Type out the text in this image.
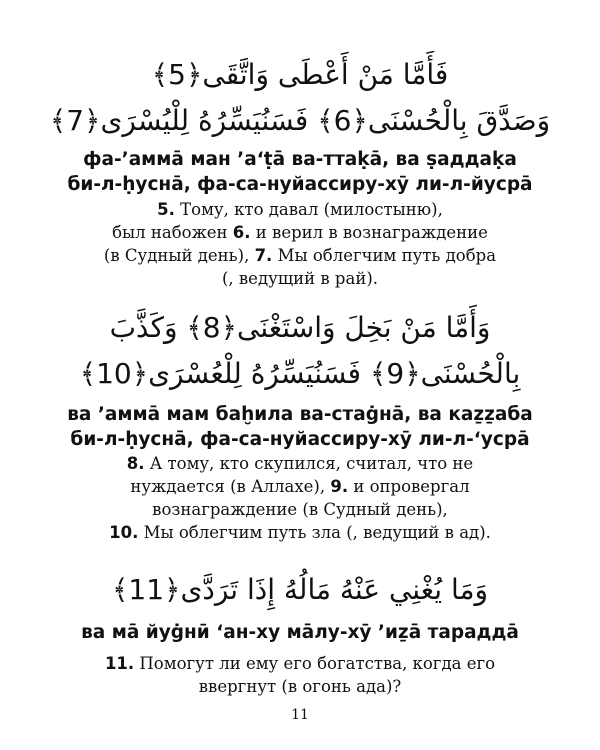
فَأَمَّا مَنْ أَعْطَى وَاتَّقَى﴿5﴾

وَصَدَّقَ بِالْحُسْنَى﴿6﴾ فَسَنُيَسِّرُهُ لِلْيُسْرَى﴿7﴾

фа-’аммā ман ’а‘ṭā ва-ттаḳā, ва ṣаддаḳа

би-л-ḥуснā, фа-са-нуйассиру-хӯ ли-л-йусрā

5. Тому, кто давал (милостыню),

был набожен 6. и верил в вознаграждение

(в Судный день), 7. Мы облегчим путь добра

(, ведущий в рай).

وَأَمَّا مَنْ بَخِلَ وَاسْتَغْنَى﴿8﴾ وَكَذَّبَ

بِالْحُسْنَى﴿9﴾ فَسَنُيَسِّرُهُ لِلْعُسْرَى﴿10﴾

ва ’аммā мам баḫила ва-стаġнā, ва каẕẕаба

би-л-ḥуснā, фа-са-нуйассиру-хӯ ли-л-‘усрā

8. А тому, кто скупился, считал, что не

нуждается (в Аллахе), 9. и опровергал

вознаграждение (в Судный день),

10. Мы облегчим путь зла (, ведущий в ад).

وَمَا يُغْنِي عَنْهُ مَالُهُ إِذَا تَرَدَّى﴿11﴾

ва мā йуġнӣ ‘ан-ху мāлу-хӯ ’иẕā тараддā

11. Помогут ли ему его богатства, когда его

ввергнут (в огонь ада)?

11
